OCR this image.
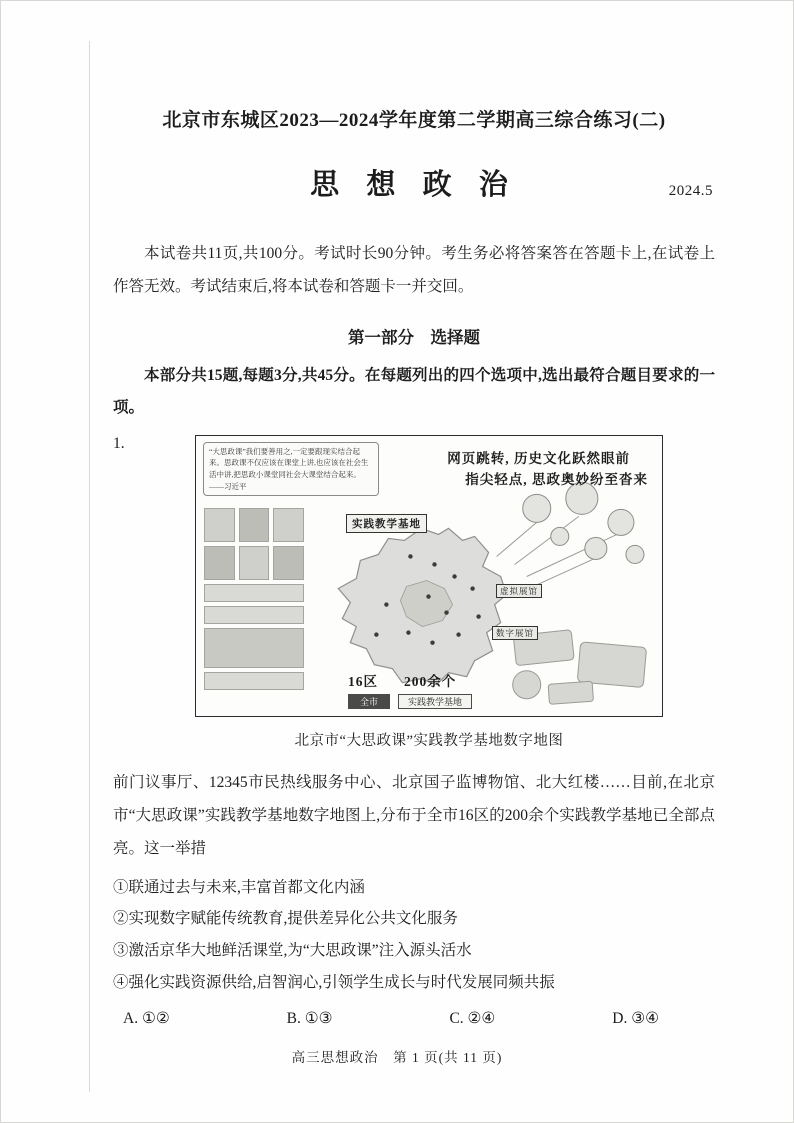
北京市东城区2023—2024学年度第二学期高三综合练习(二)
思 想 政 治	2024.5
本试卷共11页,共100分。考试时长90分钟。考生务必将答案答在答题卡上,在试卷上作答无效。考试结束后,将本试卷和答题卡一并交回。
第一部分　选择题
本部分共15题,每题3分,共45分。在每题列出的四个选项中,选出最符合题目要求的一项。
1.	“大思政课”我们要善用之,一定要跟现实结合起来。思政课不仅应该在课堂上讲,也应该在社会生活中讲,把思政小课堂同社会大课堂结合起来。——习近平
网页跳转, 历史文化跃然眼前
指尖轻点, 思政奥妙纷至沓来
实践教学基地
虚拟展馆
数字展馆
16区 200余个
全市	实践教学基地
北京市“大思政课”实践教学基地数字地图
前门议事厅、12345市民热线服务中心、北京国子监博物馆、北大红楼……目前,在北京市“大思政课”实践教学基地数字地图上,分布于全市16区的200余个实践教学基地已全部点亮。这一举措
①联通过去与未来,丰富首都文化内涵
②实现数字赋能传统教育,提供差异化公共文化服务
③激活京华大地鲜活课堂,为“大思政课”注入源头活水
④强化实践资源供给,启智润心,引领学生成长与时代发展同频共振
A. ①②	B. ①③	C. ②④	D. ③④
高三思想政治　第 1 页(共 11 页)
